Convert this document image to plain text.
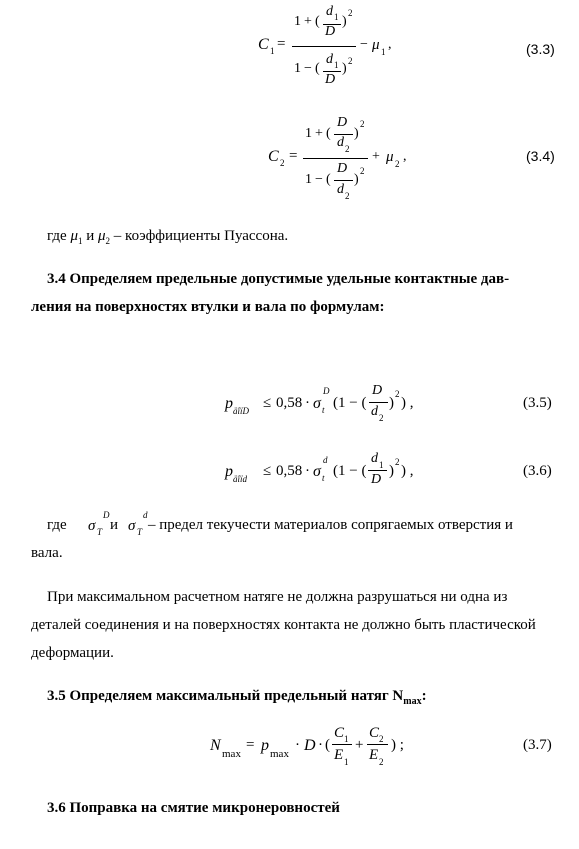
C 1 =
1 + (
d 1
D
)
2
1 − (
d 1
D
) 2
− μ 1 ,	(3.3)
C 2 =
1 + (
D
d 2
)
2
1 − (
D
d 2
)
2
+ μ 2 ,	(3.4)
где $\mu_1$ и $\mu_2$ – коэффициенты Пуассона.
3.4 Определяем предельные допустимые удельные контактные дав-
ления на поверхностях втулки и вала по формулам:
p äîïD ≤ 0,58 · σ t
D
(1 − (
D
d 2
)
2
) ,	(3.5)
p äîïd ≤ 0,58 · σ t
d
(1 − (
d 1
D
)
2
) ,	(3.6)
где σ T
D
и σ T
d
– предел текучести материалов сопрягаемых отверстия и
вала.
При максимальном расчетном натяге не должна разрушаться ни одна из
деталей соединения и на поверхностях контакта не должно быть пластической
деформации.
3.5 Определяем максимальный предельный натяг $N_{max}$:
N max
= p max
· D · (
C 1
E 1
+
C 2
E 2
) ;	(3.7)
3.6 Поправка на смятие микронеровностей
